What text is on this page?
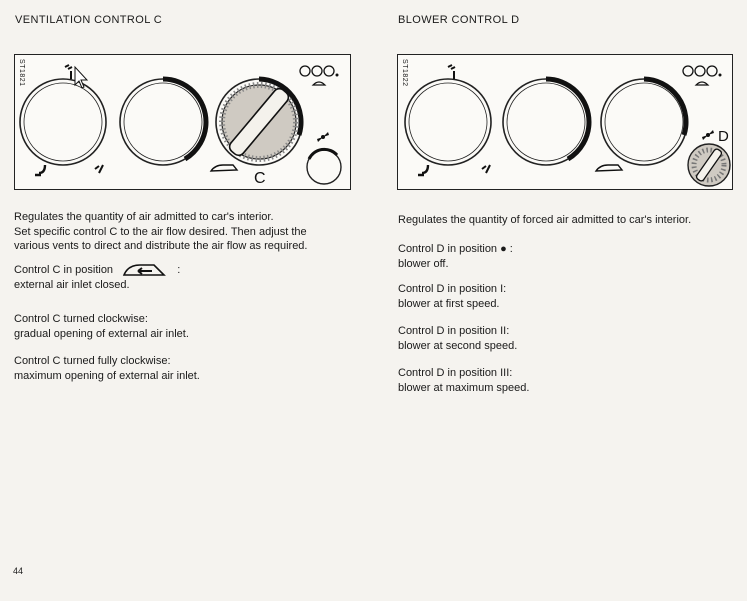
VENTILATION CONTROL C
C
ST1821
Regulates the quantity of air admitted to car's interior.
Set specific control C to the air flow desired. Then adjust the
various vents to direct and distribute the air flow as required.
Control C in position	:
external air inlet closed.
Control C turned clockwise:
gradual opening of external air inlet.
Control C turned fully clockwise:
maximum opening of external air inlet.
BLOWER CONTROL D
D
ST1822
Regulates the quantity of forced air admitted to car's interior.
Control D in position ● :
blower off.
Control D in position I:
blower at first speed.
Control D in position II:
blower at second speed.
Control D in position III:
blower at maximum speed.
44
